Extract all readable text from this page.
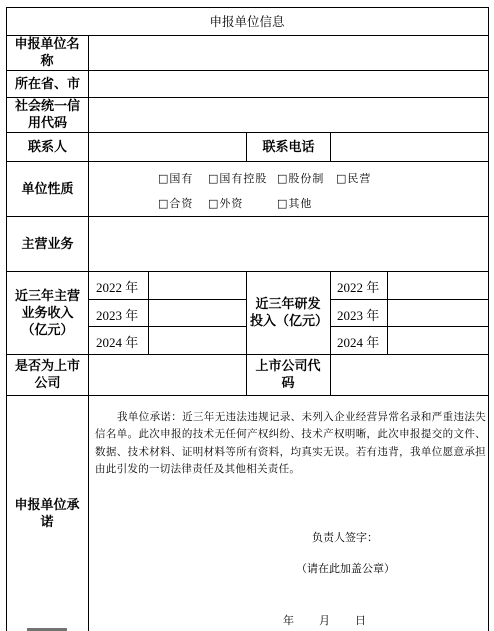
申报单位信息
申报单位名称
所在省、市
社会统一信用代码
联系人	联系电话
单位性质
主营业务
近三年主营业务收入（亿元）
近三年研发投入（亿元）
是否为上市公司
上市公司代码
申报单位承诺
□国有 □国有控股 □股份制 □民营
□合资 □外资	□其他
2022 年
2023 年
2024 年
2022 年
2023 年
2024 年
我单位承诺：近三年无违法违规记录、未列入企业经营异常名录和严重违法失信名单。此次申报的技术无任何产权纠纷、技术产权明晰，此次申报提交的文件、数据、技术材料、证明材料等所有资料，均真实无误。若有违背，我单位愿意承担由此引发的一切法律责任及其他相关责任。
负责人签字：
（请在此加盖公章）
年　　月　　日
